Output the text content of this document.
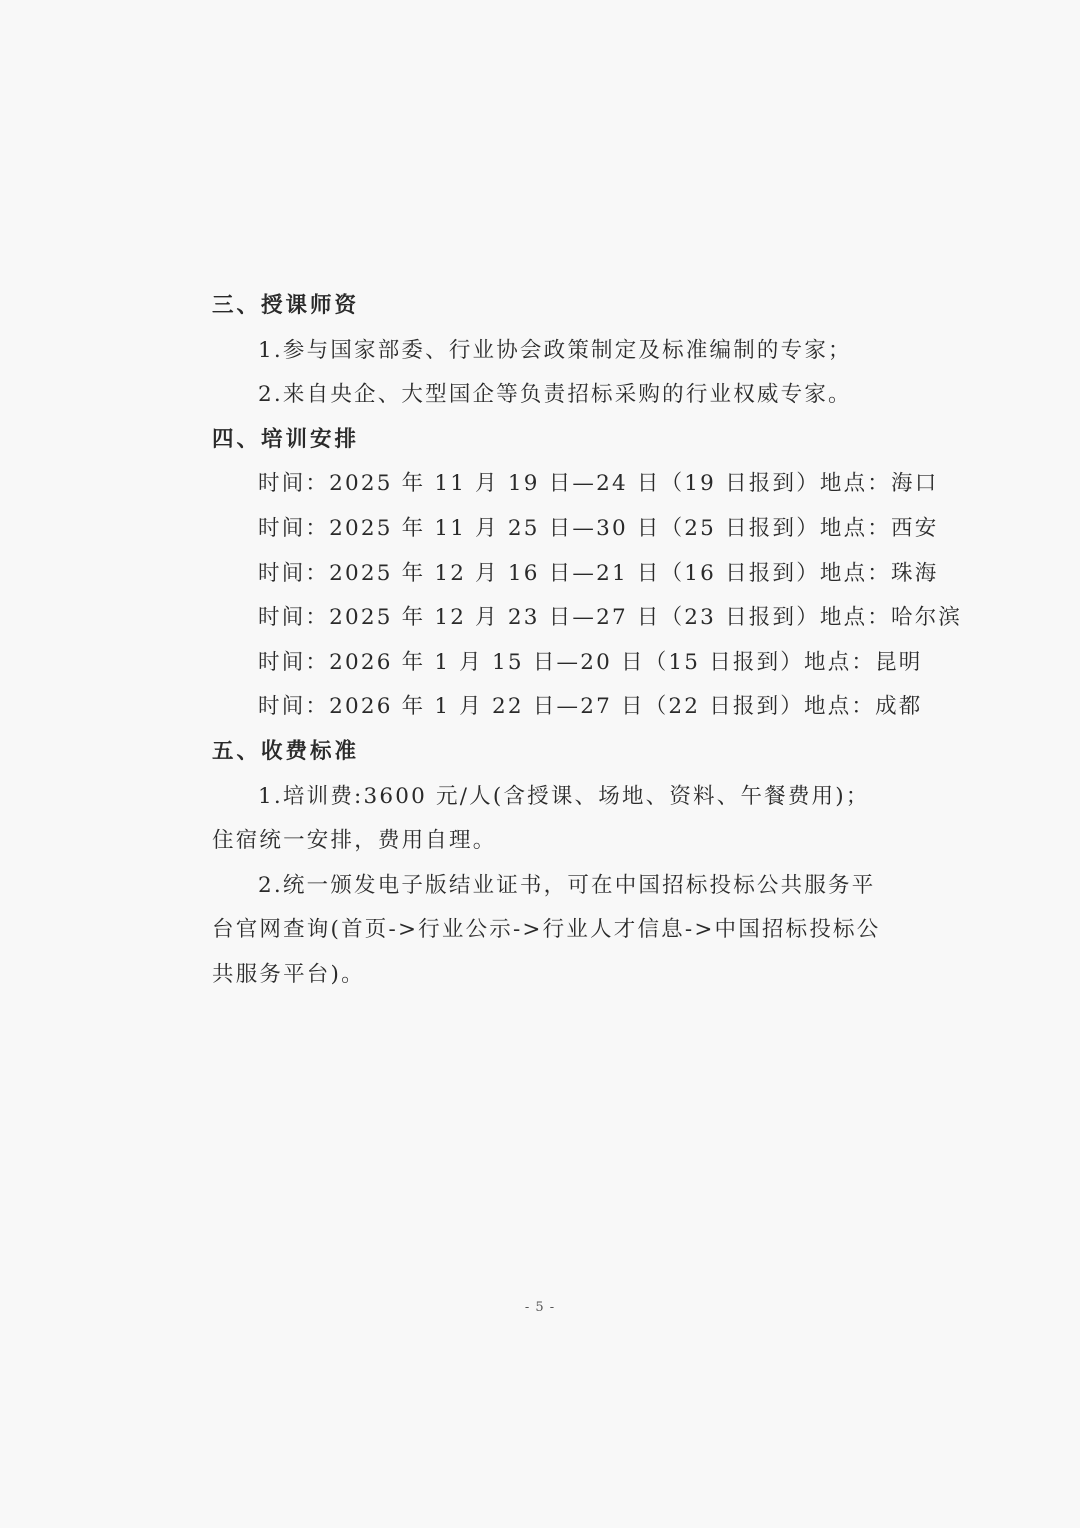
三、授课师资
1.参与国家部委、行业协会政策制定及标准编制的专家；
2.来自央企、大型国企等负责招标采购的行业权威专家。
四、培训安排
时间：2025 年 11 月 19 日—24 日（19 日报到）地点：海口
时间：2025 年 11 月 25 日—30 日（25 日报到）地点：西安
时间：2025 年 12 月 16 日—21 日（16 日报到）地点：珠海
时间：2025 年 12 月 23 日—27 日（23 日报到）地点：哈尔滨
时间：2026 年 1 月 15 日—20 日（15 日报到）地点：昆明
时间：2026 年 1 月 22 日—27 日（22 日报到）地点：成都
五、收费标准
1.培训费:3600 元/人(含授课、场地、资料、午餐费用)；
住宿统一安排，费用自理。
2.统一颁发电子版结业证书，可在中国招标投标公共服务平
台官网查询(首页->行业公示->行业人才信息->中国招标投标公
共服务平台)。
- 5 -
